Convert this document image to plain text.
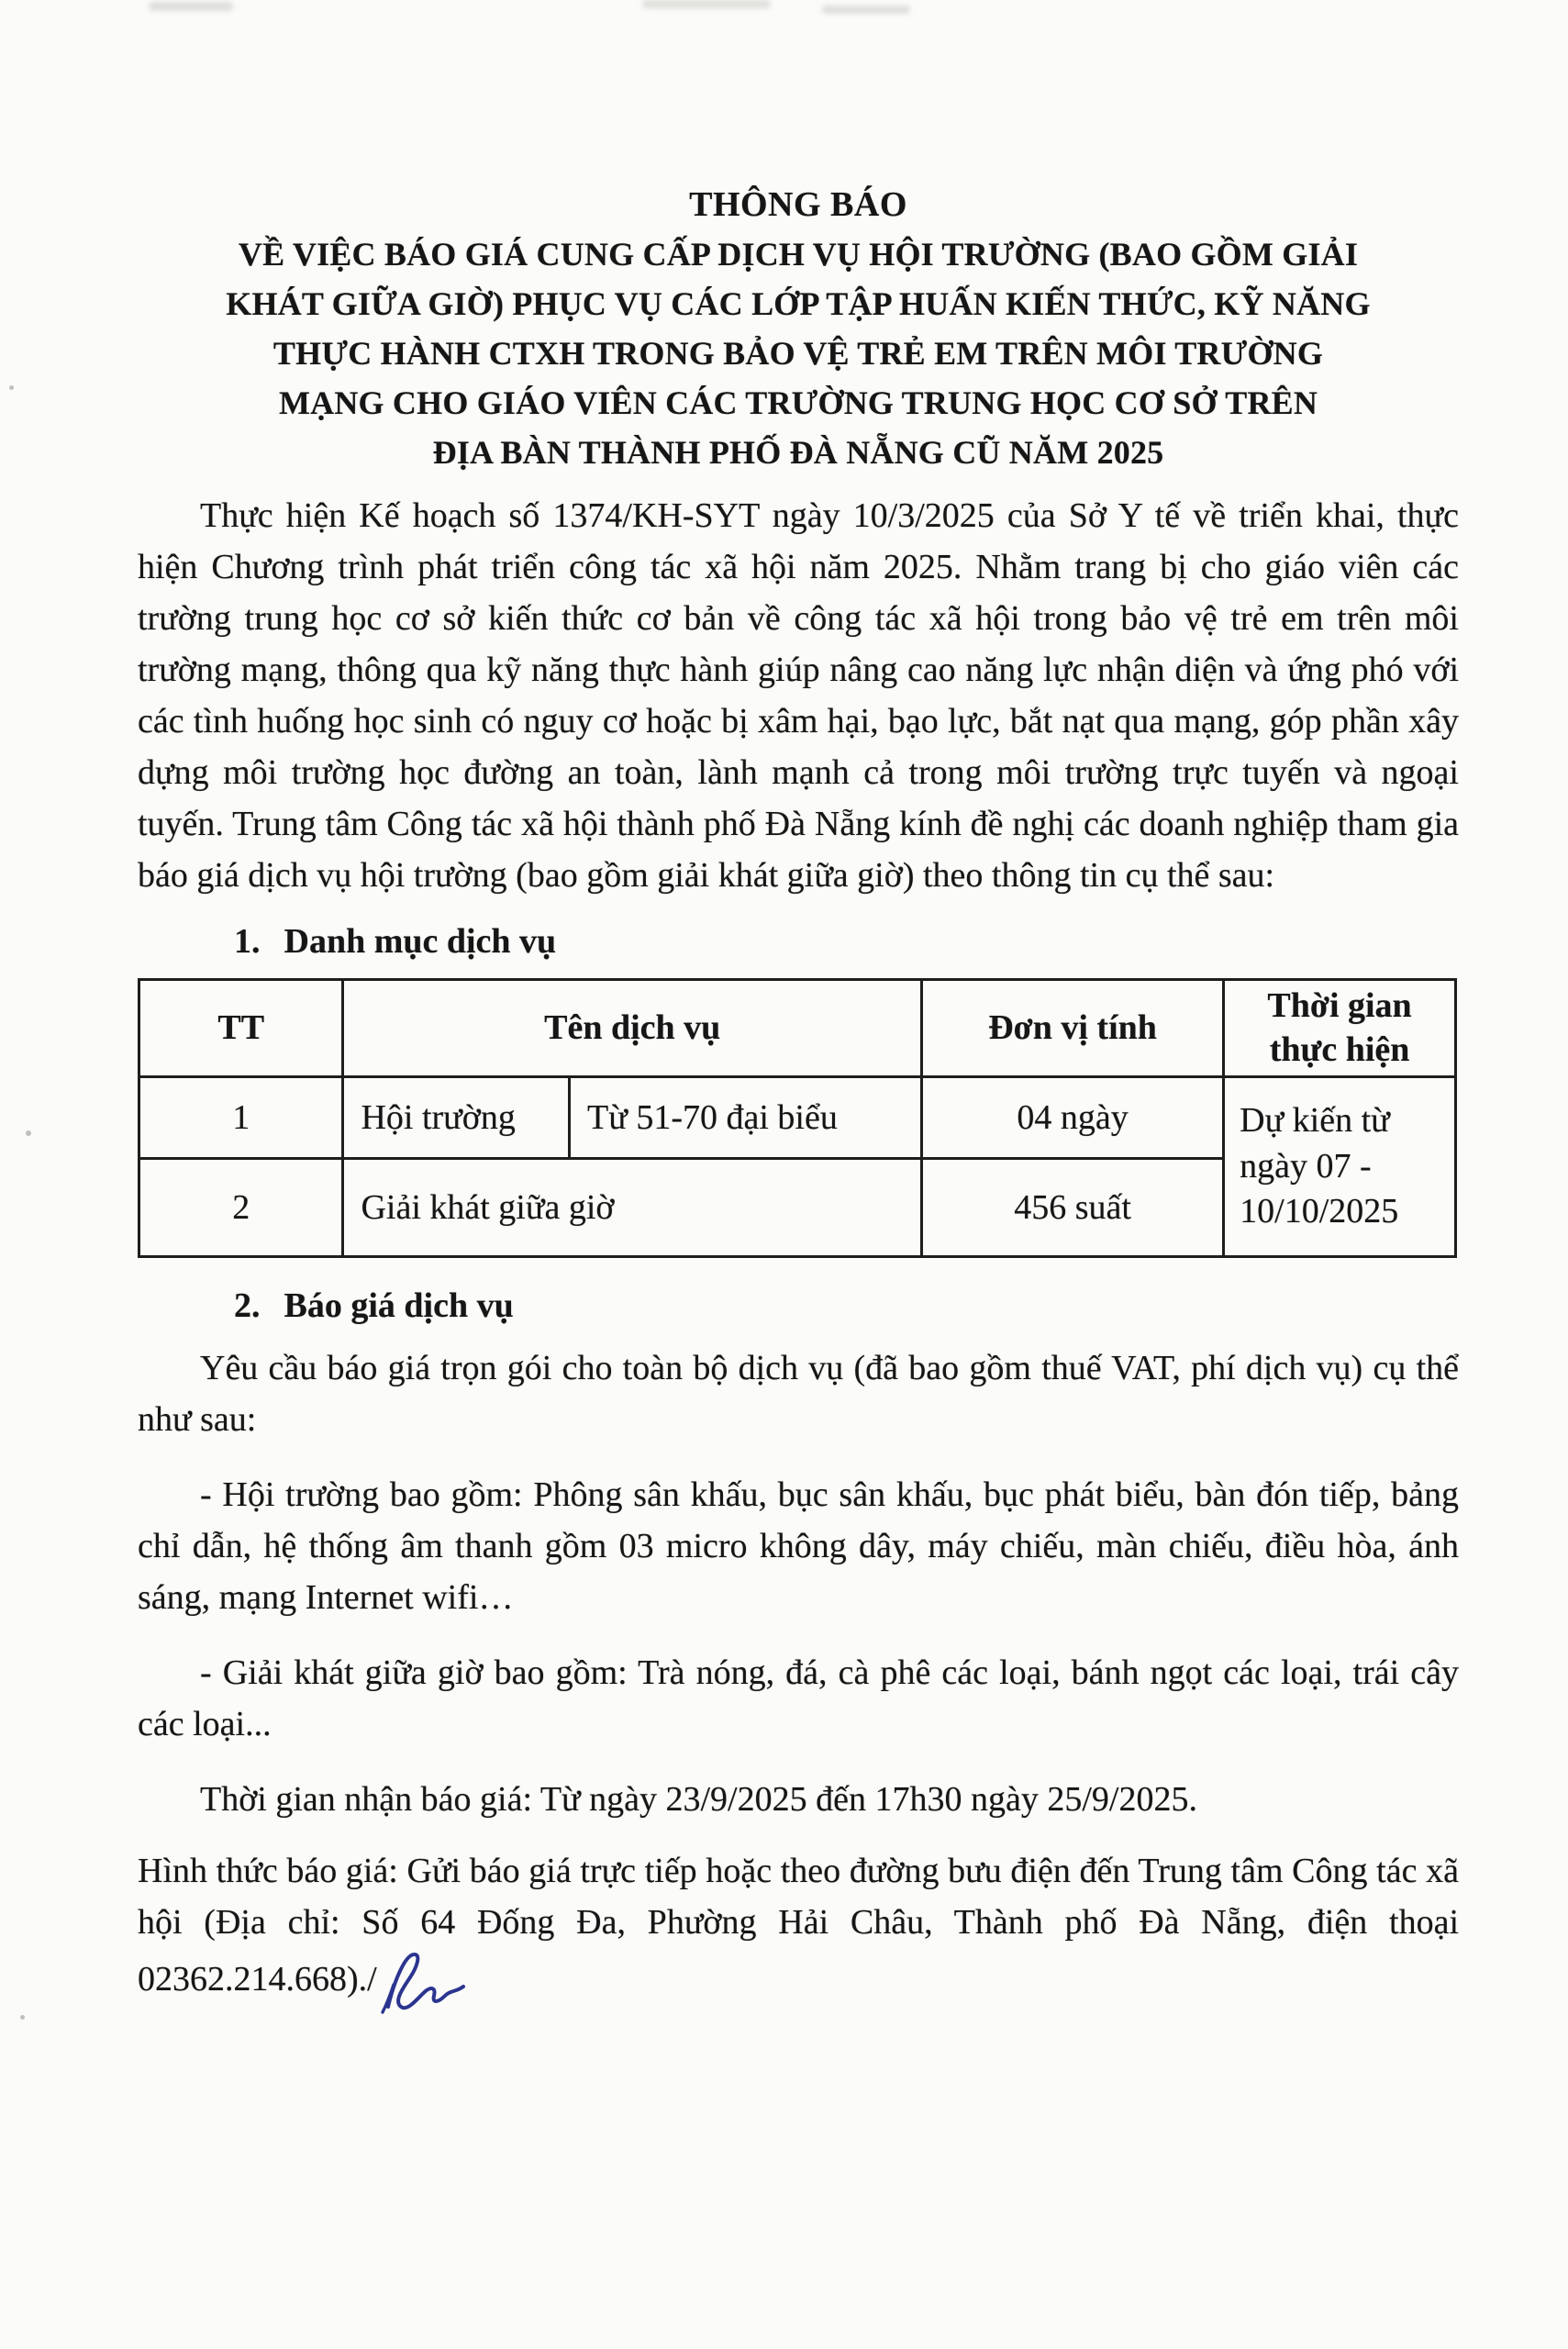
THÔNG BÁO
VỀ VIỆC BÁO GIÁ CUNG CẤP DỊCH VỤ HỘI TRƯỜNG (BAO GỒM GIẢI
KHÁT GIỮA GIỜ) PHỤC VỤ CÁC LỚP TẬP HUẤN KIẾN THỨC, KỸ NĂNG
THỰC HÀNH CTXH TRONG BẢO VỆ TRẺ EM TRÊN MÔI TRƯỜNG
MẠNG CHO GIÁO VIÊN CÁC TRƯỜNG TRUNG HỌC CƠ SỞ TRÊN
ĐỊA BÀN THÀNH PHỐ ĐÀ NẴNG CŨ NĂM 2025

Thực hiện Kế hoạch số 1374/KH-SYT ngày 10/3/2025 của Sở Y tế về triển khai, thực hiện Chương trình phát triển công tác xã hội năm 2025. Nhằm trang bị cho giáo viên các trường trung học cơ sở kiến thức cơ bản về công tác xã hội trong bảo vệ trẻ em trên môi trường mạng, thông qua kỹ năng thực hành giúp nâng cao năng lực nhận diện và ứng phó với các tình huống học sinh có nguy cơ hoặc bị xâm hại, bạo lực, bắt nạt qua mạng, góp phần xây dựng môi trường học đường an toàn, lành mạnh cả trong môi trường trực tuyến và ngoại tuyến. Trung tâm Công tác xã hội thành phố Đà Nẵng kính đề nghị các doanh nghiệp tham gia báo giá dịch vụ hội trường (bao gồm giải khát giữa giờ) theo thông tin cụ thể sau:

1. Danh mục dịch vụ
TT	Tên dịch vụ		Đơn vị tính	Thời gian thực hiện
1	Hội trường	Từ 51-70 đại biểu	04 ngày	Dự kiến từ ngày 07 - 10/10/2025
2	Giải khát giữa giờ		456 suất	
2. Báo giá dịch vụ

Yêu cầu báo giá trọn gói cho toàn bộ dịch vụ (đã bao gồm thuế VAT, phí dịch vụ) cụ thể như sau:

- Hội trường bao gồm: Phông sân khấu, bục sân khấu, bục phát biểu, bàn đón tiếp, bảng chỉ dẫn, hệ thống âm thanh gồm 03 micro không dây, máy chiếu, màn chiếu, điều hòa, ánh sáng, mạng Internet wifi…

- Giải khát giữa giờ bao gồm: Trà nóng, đá, cà phê các loại, bánh ngọt các loại, trái cây các loại...

Thời gian nhận báo giá: Từ ngày 23/9/2025 đến 17h30 ngày 25/9/2025.

Hình thức báo giá: Gửi báo giá trực tiếp hoặc theo đường bưu điện đến Trung tâm Công tác xã hội (Địa chỉ: Số 64 Đống Đa, Phường Hải Châu, Thành phố Đà Nẵng, điện thoại 02362.214.668)./
